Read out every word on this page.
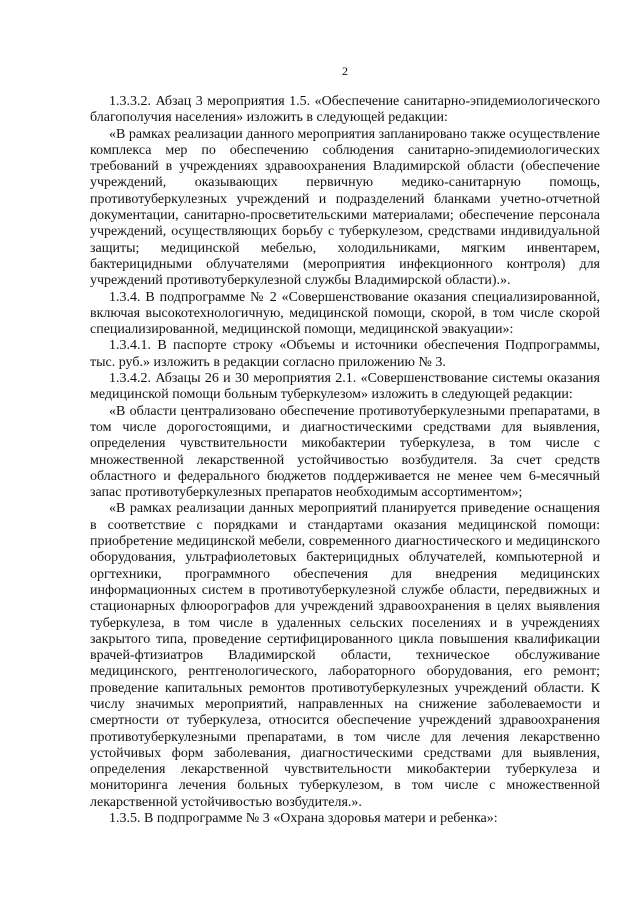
2

1.3.3.2. Абзац 3 мероприятия 1.5. «Обеспечение санитарно-эпидемиологического благополучия населения» изложить в следующей редакции:

«В рамках реализации данного мероприятия запланировано также осуществление комплекса мер по обеспечению соблюдения санитарно-эпидемиологических требований в учреждениях здравоохранения Владимирской области (обеспечение учреждений, оказывающих первичную медико-санитарную помощь, противотуберкулезных учреждений и подразделений бланками учетно-отчетной документации, санитарно-просветительскими материалами; обеспечение персонала учреждений, осуществляющих борьбу с туберкулезом, средствами индивидуальной защиты; медицинской мебелью, холодильниками, мягким инвентарем, бактерицидными облучателями (мероприятия инфекционного контроля) для учреждений противотуберкулезной службы Владимирской области).».

1.3.4. В подпрограмме № 2 «Совершенствование оказания специализированной, включая высокотехнологичную, медицинской помощи, скорой, в том числе скорой специализированной, медицинской помощи, медицинской эвакуации»:

1.3.4.1. В паспорте строку «Объемы и источники обеспечения Подпрограммы, тыс. руб.» изложить в редакции согласно приложению № 3.

1.3.4.2. Абзацы 26 и 30 мероприятия 2.1. «Совершенствование системы оказания медицинской помощи больным туберкулезом» изложить в следующей редакции:

«В области централизовано обеспечение противотуберкулезными препаратами, в том числе дорогостоящими, и диагностическими средствами для выявления, определения чувствительности микобактерии туберкулеза, в том числе с множественной лекарственной устойчивостью возбудителя. За счет средств областного и федерального бюджетов поддерживается не менее чем 6-месячный запас противотуберкулезных препаратов необходимым ассортиментом»;

«В рамках реализации данных мероприятий планируется приведение оснащения в соответствие с порядками и стандартами оказания медицинской помощи: приобретение медицинской мебели, современного диагностического и медицинского оборудования, ультрафиолетовых бактерицидных облучателей, компьютерной и оргтехники, программного обеспечения для внедрения медицинских информационных систем в противотуберкулезной службе области, передвижных и стационарных флюорографов для учреждений здравоохранения в целях выявления туберкулеза, в том числе в удаленных сельских поселениях и в учреждениях закрытого типа, проведение сертифицированного цикла повышения квалификации врачей-фтизиатров Владимирской области, техническое обслуживание медицинского, рентгенологического, лабораторного оборудования, его ремонт; проведение капитальных ремонтов противотуберкулезных учреждений области. К числу значимых мероприятий, направленных на снижение заболеваемости и смертности от туберкулеза, относится обеспечение учреждений здравоохранения противотуберкулезными препаратами, в том числе для лечения лекарственно устойчивых форм заболевания, диагностическими средствами для выявления, определения лекарственной чувствительности микобактерии туберкулеза и мониторинга лечения больных туберкулезом, в том числе с множественной лекарственной устойчивостью возбудителя.».

1.3.5. В подпрограмме № 3 «Охрана здоровья матери и ребенка»:
